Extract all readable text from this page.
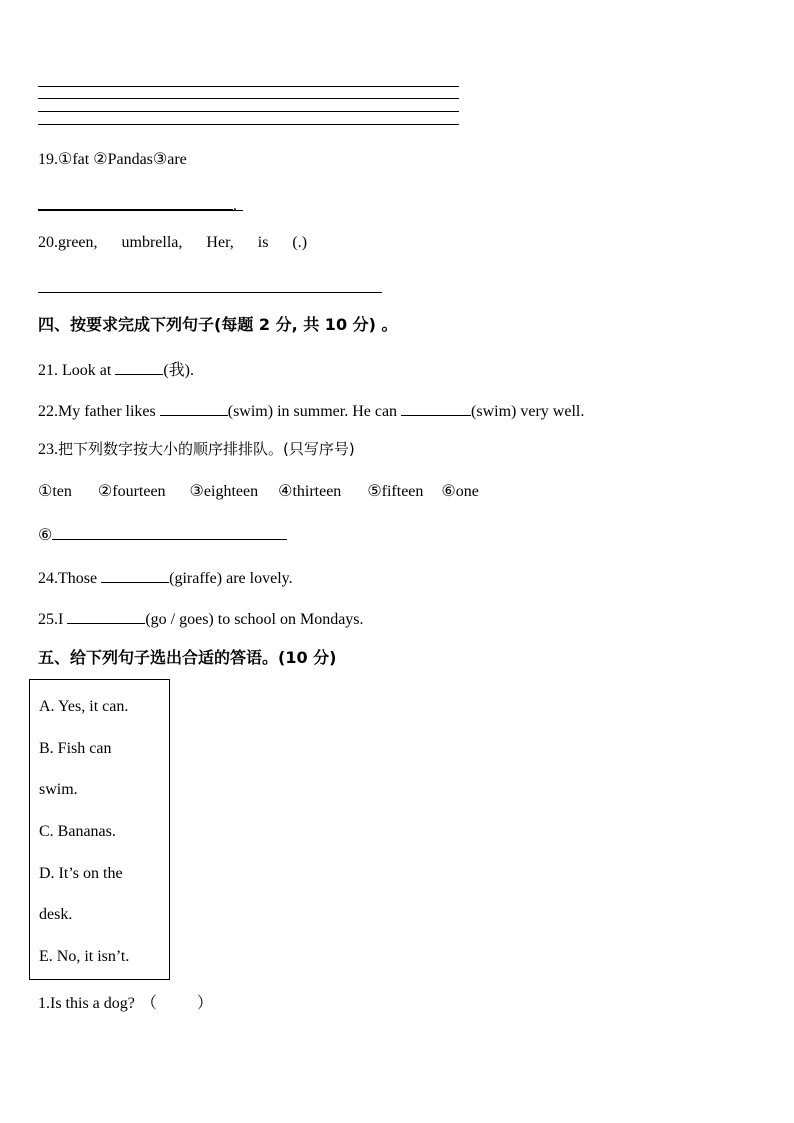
19.①fat ②Pandas③are
.
20.green, umbrella, Her, is (.)
四、按要求完成下列句子(每题 2 分, 共 10 分) 。
21. Look at	(我).
22.My father likes	(swim) in summer. He can	(swim) very well.
23.把下列数字按大小的顺序排排队。(只写序号)
①ten ②fourteen ③eighteen ④thirteen ⑤fifteen ⑥one
⑥
24.Those	(giraffe) are lovely.
25.I	(go / goes) to school on Mondays.
五、给下列句子选出合适的答语。(10 分)
A. Yes, it can.
B. Fish can
swim.
C. Bananas.
D. It’s on the
desk.
E. No, it isn’t.
1.Is this a dog? （	）
